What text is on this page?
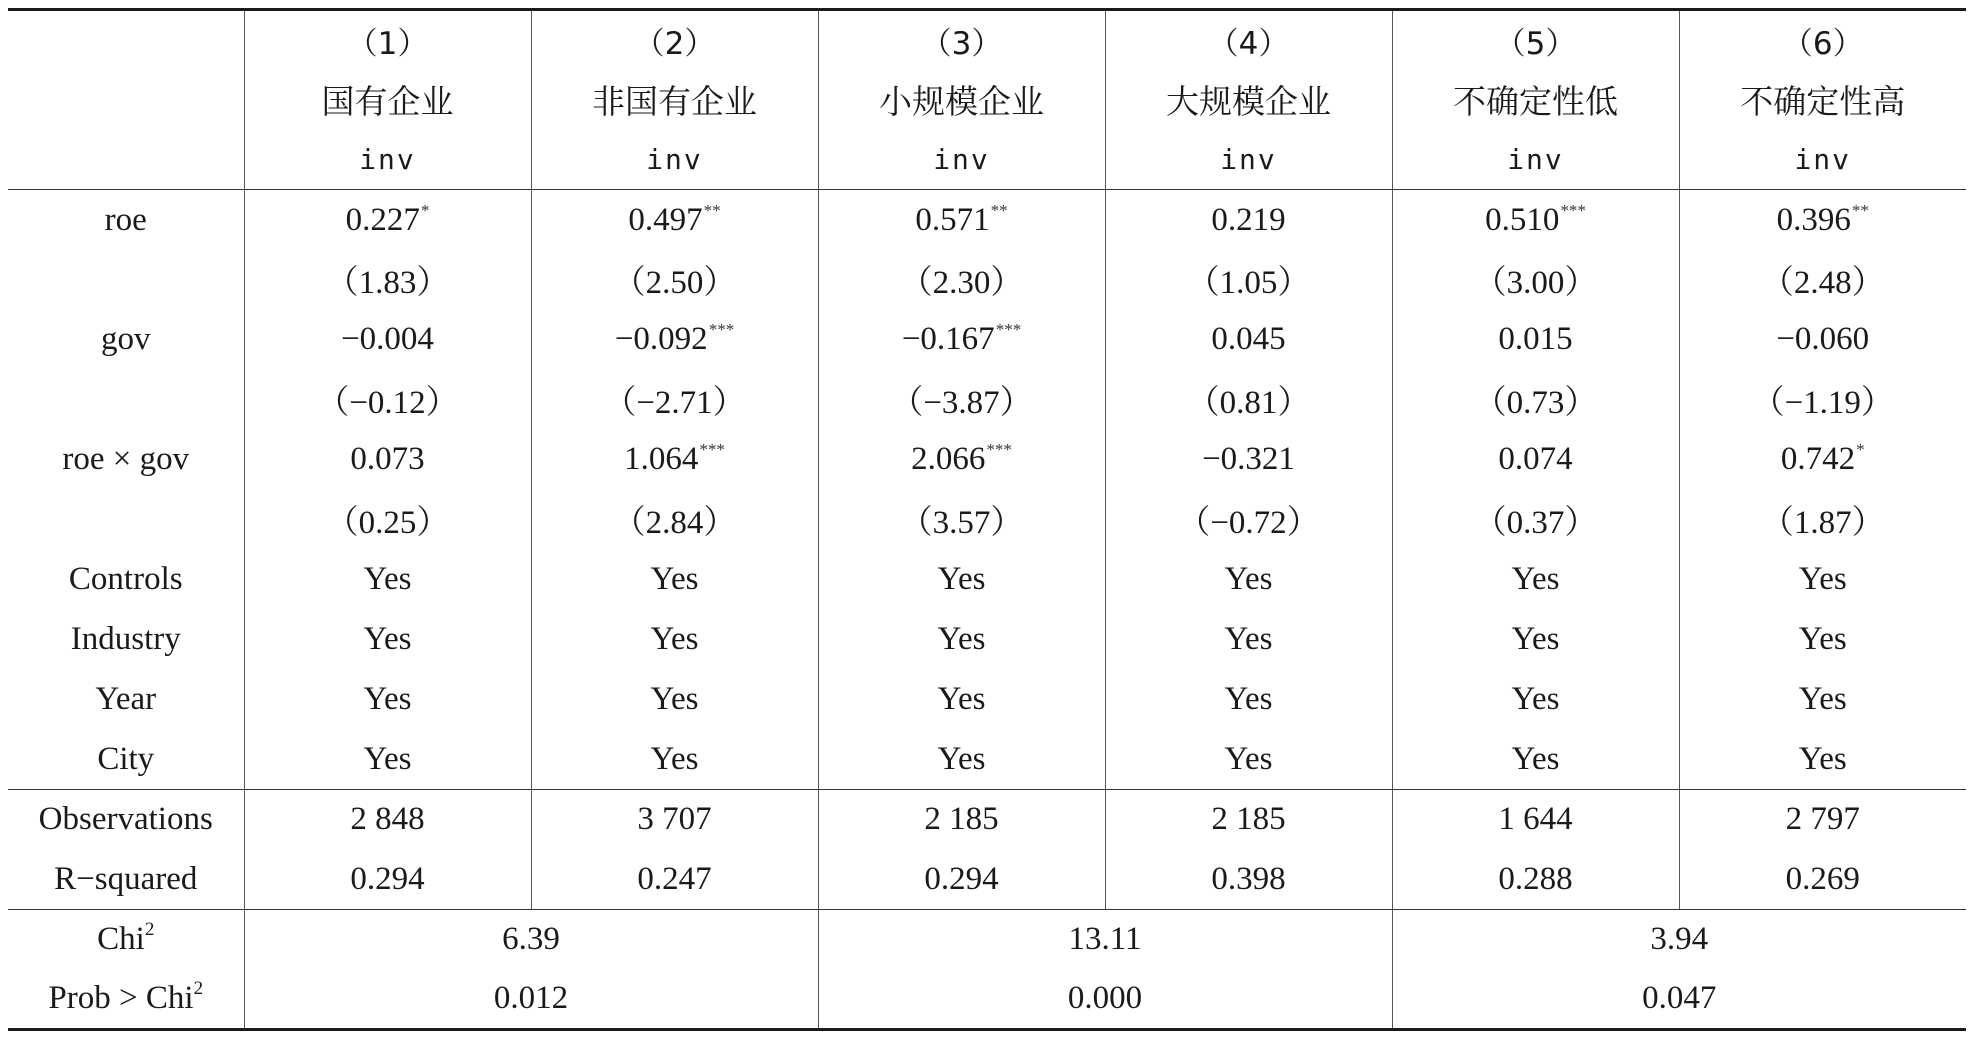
	（1）	（2）	（3）	（4）	（5）	（6）
	国有企业	非国有企业	小规模企业	大规模企业	不确定性低	不确定性高
	inv	inv	inv	inv	inv	inv
roe	0.227*	0.497**	0.571**	0.219	0.510***	0.396**
	（1.83）	（2.50）	（2.30）	（1.05）	（3.00）	（2.48）
gov	−0.004	−0.092***	−0.167***	0.045	0.015	−0.060
	（−0.12）	（−2.71）	（−3.87）	（0.81）	（0.73）	（−1.19）
roe × gov	0.073	1.064***	2.066***	−0.321	0.074	0.742*
	（0.25）	（2.84）	（3.57）	（−0.72）	（0.37）	（1.87）
Controls	Yes	Yes	Yes	Yes	Yes	Yes
Industry	Yes	Yes	Yes	Yes	Yes	Yes
Year	Yes	Yes	Yes	Yes	Yes	Yes
City	Yes	Yes	Yes	Yes	Yes	Yes
Observations	2 848	3 707	2 185	2 185	1 644	2 797
R−squared	0.294	0.247	0.294	0.398	0.288	0.269
Chi$^2$	6.39		13.11		3.94	
Prob > Chi$^2$	0.012		0.000		0.047	
